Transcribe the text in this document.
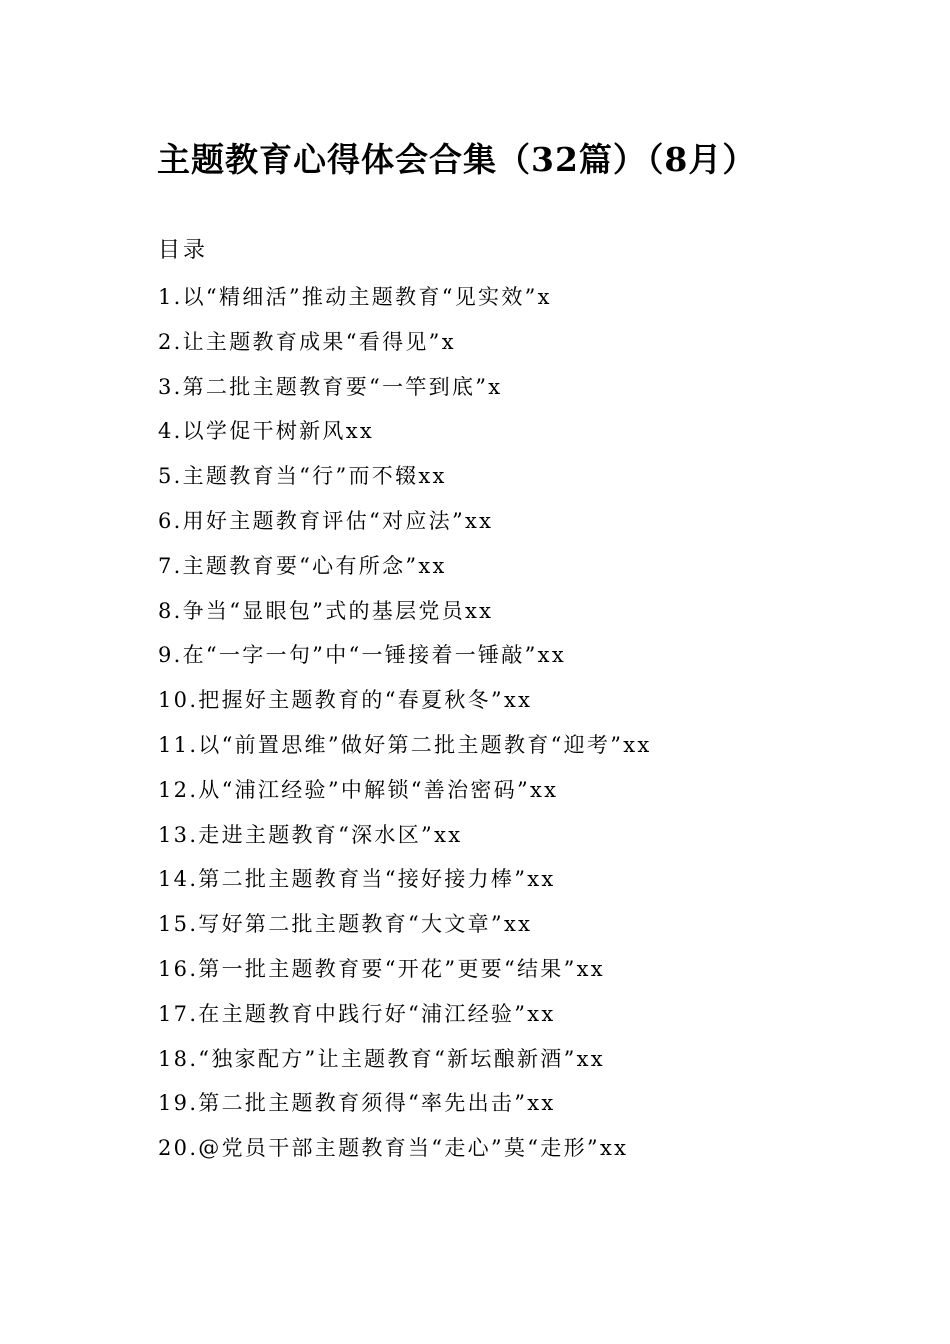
主题教育心得体会合集（32篇）（8月）
目录
1.以“精细活”推动主题教育“见实效”x
2.让主题教育成果“看得见”x
3.第二批主题教育要“一竿到底”x
4.以学促干树新风xx
5.主题教育当“行”而不辍xx
6.用好主题教育评估“对应法”xx
7.主题教育要“心有所念”xx
8.争当“显眼包”式的基层党员xx
9.在“一字一句”中“一锤接着一锤敲”xx
10.把握好主题教育的“春夏秋冬”xx
11.以“前置思维”做好第二批主题教育“迎考”xx
12.从“浦江经验”中解锁“善治密码”xx
13.走进主题教育“深水区”xx
14.第二批主题教育当“接好接力棒”xx
15.写好第二批主题教育“大文章”xx
16.第一批主题教育要“开花”更要“结果”xx
17.在主题教育中践行好“浦江经验”xx
18.“独家配方”让主题教育“新坛酿新酒”xx
19.第二批主题教育须得“率先出击”xx
20.@党员干部主题教育当“走心”莫“走形”xx
